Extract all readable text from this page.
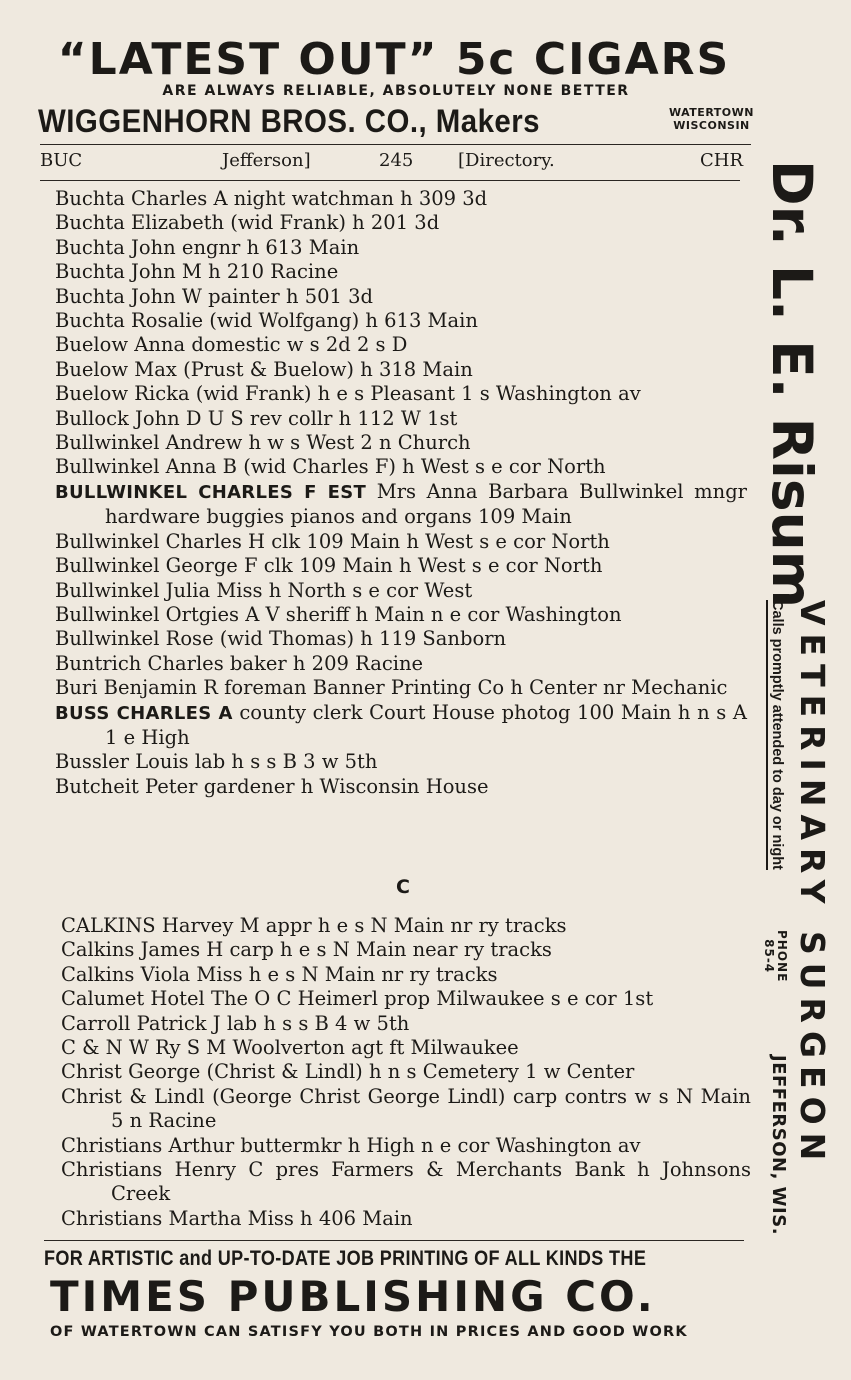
“LATEST OUT” 5c CIGARS
ARE ALWAYS RELIABLE, ABSOLUTELY NONE BETTER
WIGGENHORN BROS. CO., Makers	WATERTOWN
WISCONSIN
BUC	Jefferson]	245 [Directory.	CHR
Buchta Charles A night watchman h 309 3d
Buchta Elizabeth (wid Frank) h 201 3d
Buchta John engnr h 613 Main
Buchta John M h 210 Racine
Buchta John W painter h 501 3d
Buchta Rosalie (wid Wolfgang) h 613 Main
Buelow Anna domestic w s 2d 2 s D
Buelow Max (Prust & Buelow) h 318 Main
Buelow Ricka (wid Frank) h e s Pleasant 1 s Washington av
Bullock John D U S rev collr h 112 W 1st
Bullwinkel Andrew h w s West 2 n Church
Bullwinkel Anna B (wid Charles F) h West s e cor North
BULLWINKEL CHARLES F EST Mrs Anna Barbara Bullwinkel mngr hardware buggies pianos and organs 109 Main
Bullwinkel Charles H clk 109 Main h West s e cor North
Bullwinkel George F clk 109 Main h West s e cor North
Bullwinkel Julia Miss h North s e cor West
Bullwinkel Ortgies A V sheriff h Main n e cor Washington
Bullwinkel Rose (wid Thomas) h 119 Sanborn
Buntrich Charles baker h 209 Racine
Buri Benjamin R foreman Banner Printing Co h Center nr Mechanic
BUSS CHARLES A county clerk Court House photog 100 Main h n s A 1 e High
Bussler Louis lab h s s B 3 w 5th
Butcheit Peter gardener h Wisconsin House
C
CALKINS Harvey M appr h e s N Main nr ry tracks
Calkins James H carp h e s N Main near ry tracks
Calkins Viola Miss h e s N Main nr ry tracks
Calumet Hotel The O C Heimerl prop Milwaukee s e cor 1st
Carroll Patrick J lab h s s B 4 w 5th
C & N W Ry S M Woolverton agt ft Milwaukee
Christ George (Christ & Lindl) h n s Cemetery 1 w Center
Christ & Lindl (George Christ George Lindl) carp contrs w s N Main 5 n Racine
Christians Arthur buttermkr h High n e cor Washington av
Christians Henry C pres Farmers & Merchants Bank h Johnsons Creek
Christians Martha Miss h 406 Main
Dr. L. E. Risum
VETERINARY SURGEON
Calls promptly attended to day or night
PHONE
85-4
JEFFERSON, WIS.
FOR ARTISTIC and UP-TO-DATE JOB PRINTING OF ALL KINDS THE
TIMES PUBLISHING CO.
OF WATERTOWN CAN SATISFY YOU BOTH IN PRICES AND GOOD WORK
